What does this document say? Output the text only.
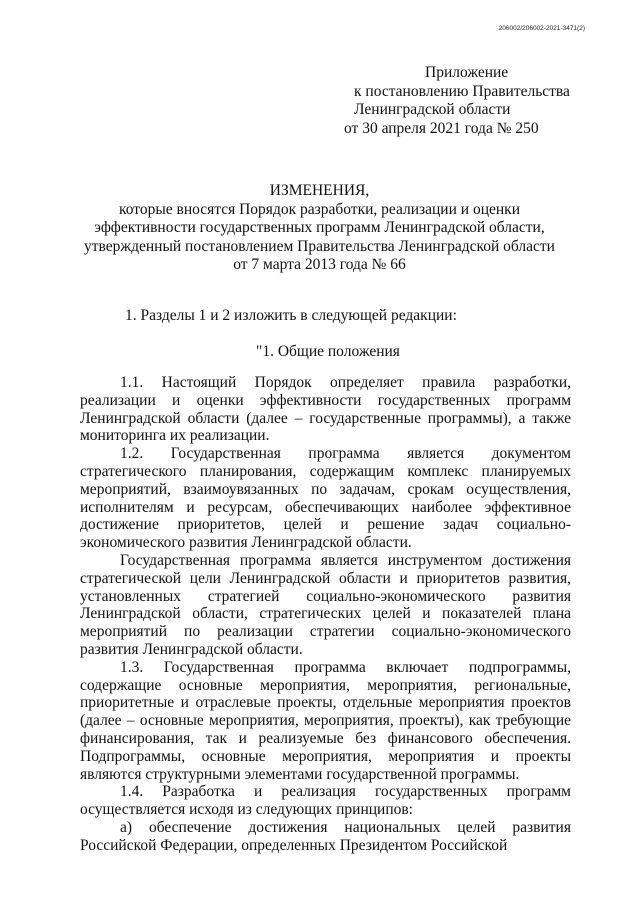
206002/206002-2021-3471(2)
Приложение
к постановлению Правительства
Ленинградской области
от 30 апреля 2021 года № 250
ИЗМЕНЕНИЯ,
которые вносятся Порядок разработки, реализации и оценки
эффективности государственных программ Ленинградской области,
утвержденный постановлением Правительства Ленинградской области
от 7 марта 2013 года № 66
1. Разделы 1 и 2 изложить в следующей редакции:
"1. Общие положения

1.1. Настоящий Порядок определяет правила разработки, реализации и оценки эффективности государственных программ Ленинградской области (далее – государственные программы), а также мониторинга их реализации.

1.2. Государственная программа является документом стратегического планирования, содержащим комплекс планируемых мероприятий, взаимоувязанных по задачам, срокам осуществления, исполнителям и ресурсам, обеспечивающих наиболее эффективное достижение приоритетов, целей и решение задач социально-экономического развития Ленинградской области.

Государственная программа является инструментом достижения стратегической цели Ленинградской области и приоритетов развития, установленных стратегией социально-экономического развития Ленинградской области, стратегических целей и показателей плана мероприятий по реализации стратегии социально-экономического развития Ленинградской области.

1.3. Государственная программа включает подпрограммы, содержащие основные мероприятия, мероприятия, региональные, приоритетные и отраслевые проекты, отдельные мероприятия проектов (далее – основные мероприятия, мероприятия, проекты), как требующие финансирования, так и реализуемые без финансового обеспечения. Подпрограммы, основные мероприятия, мероприятия и проекты являются структурными элементами государственной программы.

1.4. Разработка и реализация государственных программ осуществляется исходя из следующих принципов:

а) обеспечение достижения национальных целей развития Российской Федерации, определенных Президентом Российской
